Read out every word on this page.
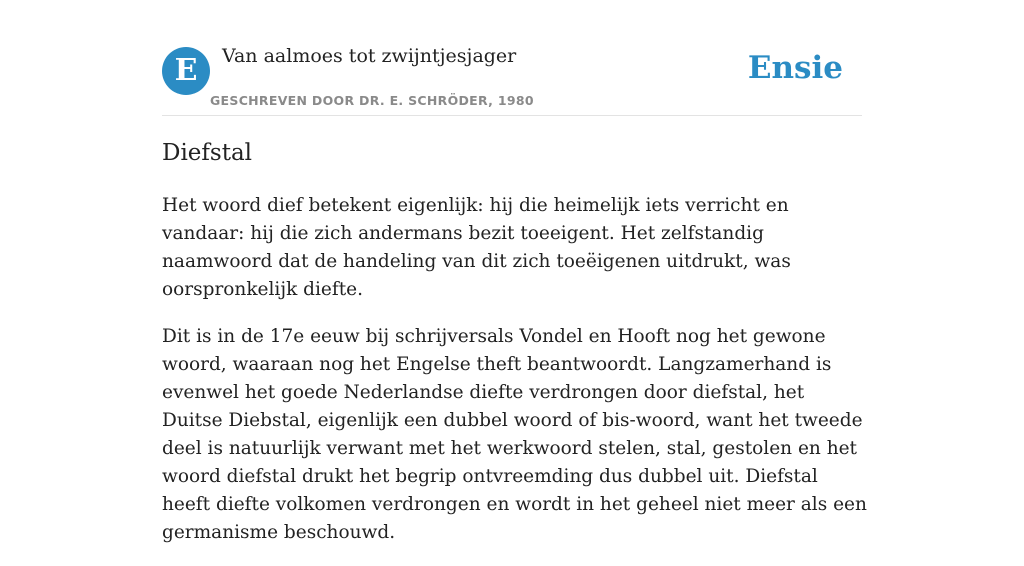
E	Van aalmoes tot zwijntjesjager
GESCHREVEN DOOR DR. E. SCHRÖDER, 1980
Ensie
Diefstal

Het woord dief betekent eigenlijk: hij die heimelijk iets verricht en vandaar: hij die zich andermans bezit toeeigent. Het zelfstandig naamwoord dat de handeling van dit zich toeëigenen uitdrukt, was oorspronkelijk diefte.

Dit is in de 17e eeuw bij schrijversals Vondel en Hooft nog het gewone woord, waaraan nog het Engelse theft beantwoordt. Langzamerhand is evenwel het goede Nederlandse diefte verdrongen door diefstal, het Duitse Diebstal, eigenlijk een dubbel woord of bis-woord, want het tweede deel is natuurlijk verwant met het werkwoord stelen, stal, gestolen en het woord diefstal drukt het begrip ontvreemding dus dubbel uit. Diefstal heeft diefte volkomen verdrongen en wordt in het geheel niet meer als een germanisme beschouwd.
